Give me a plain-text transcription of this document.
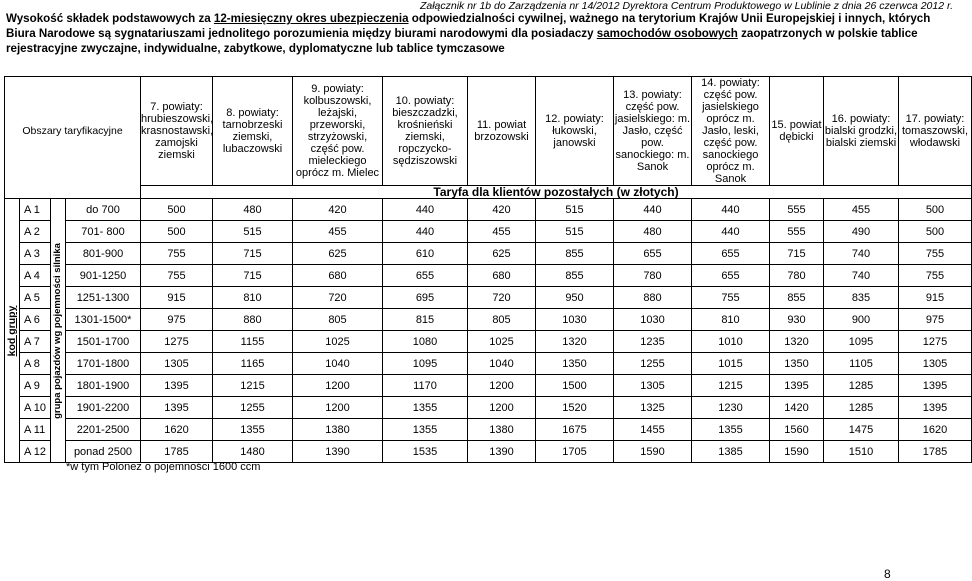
Załącznik nr 1b do Zarządzenia nr 14/2012 Dyrektora Centrum Produktowego w Lublinie z dnia 26 czerwca 2012 r.
Wysokość składek podstawowych za 12-miesięczny okres ubezpieczenia odpowiedzialności cywilnej, ważnego na terytorium Krajów Unii Europejskiej i innych, których Biura Narodowe są sygnatariuszami jednolitego porozumienia między biurami narodowymi dla posiadaczy samochodów osobowych zaopatrzonych w polskie tablice rejestracyjne zwyczajne, indywidualne, zabytkowe, dyplomatyczne lub tablice tymczasowe
Obszary taryfikacyjne				7. powiaty: hrubieszowski, krasnostawski, zamojski ziemski	8. powiaty: tarnobrzeski ziemski, lubaczowski	9. powiaty: kolbuszowski, leżajski, przeworski, strzyżowski, część pow. mieleckiego oprócz m. Mielec	10. powiaty: bieszczadzki, krośnieński ziemski, ropczycko-sędziszowski	11. powiat brzozowski	12. powiaty: łukowski, janowski	13. powiaty: część pow. jasielskiego: m. Jasło, część pow. sanockiego: m. Sanok	14. powiaty: część pow. jasielskiego oprócz m. Jasło, leski, część pow. sanockiego oprócz m. Sanok	15. powiat dębicki	16. powiaty: bialski grodzki, bialski ziemski	17. powiaty: tomaszowski, włodawski
				Taryfa dla klientów pozostałych (w złotych)										

kod grupy	A 1	grupa pojazdów wg pojemności silnika	do 700	500	480	420	440	420	515	440	440	555	455	500
	A 2		701- 800	500	515	455	440	455	515	480	440	555	490	500
	A 3		801-900	755	715	625	610	625	855	655	655	715	740	755
	A 4		901-1250	755	715	680	655	680	855	780	655	780	740	755
	A 5		1251-1300	915	810	720	695	720	950	880	755	855	835	915
	A 6		1301-1500*	975	880	805	815	805	1030	1030	810	930	900	975
	A 7		1501-1700	1275	1155	1025	1080	1025	1320	1235	1010	1320	1095	1275
	A 8		1701-1800	1305	1165	1040	1095	1040	1350	1255	1015	1350	1105	1305
	A 9		1801-1900	1395	1215	1200	1170	1200	1500	1305	1215	1395	1285	1395
	A 10		1901-2200	1395	1255	1200	1355	1200	1520	1325	1230	1420	1285	1395
	A 11		2201-2500	1620	1355	1380	1355	1380	1675	1455	1355	1560	1475	1620
	A 12		ponad 2500	1785	1480	1390	1535	1390	1705	1590	1385	1590	1510	1785
*w tym Polonez o pojemności 1600 ccm
8
